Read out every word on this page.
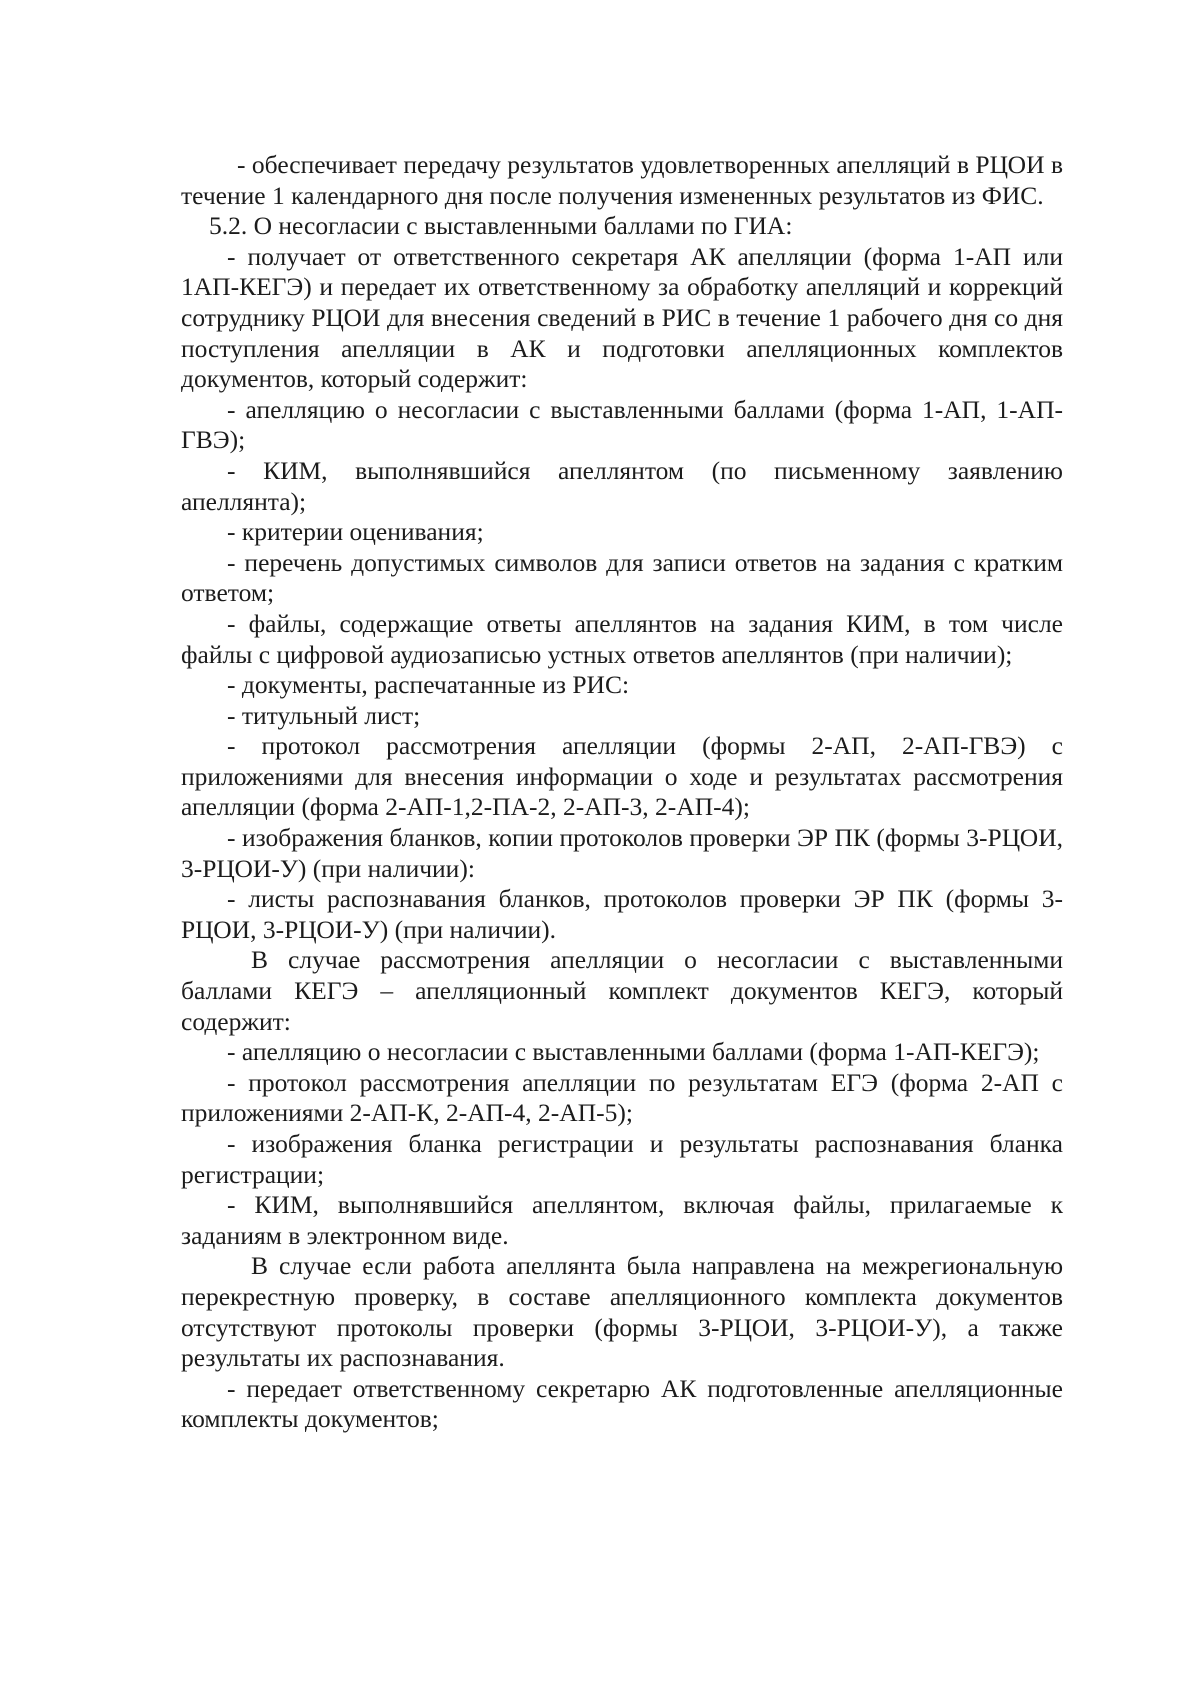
- обеспечивает передачу результатов удовлетворенных апелляций в РЦОИ в течение 1 календарного дня после получения измененных результатов из ФИС.

5.2. О несогласии с выставленными баллами по ГИА:

- получает от ответственного секретаря АК апелляции (форма 1-АП или 1АП-КЕГЭ) и передает их ответственному за обработку апелляций и коррекций сотруднику РЦОИ для внесения сведений в РИС в течение 1 рабочего дня со дня поступления апелляции в АК и подготовки апелляционных комплектов документов, который содержит:

- апелляцию о несогласии с выставленными баллами (форма 1-АП, 1-АП-ГВЭ);

- КИМ, выполнявшийся апеллянтом (по письменному заявлению апеллянта);

- критерии оценивания;

- перечень допустимых символов для записи ответов на задания с кратким ответом;

- файлы, содержащие ответы апеллянтов на задания КИМ, в том числе файлы с цифровой аудиозаписью устных ответов апеллянтов (при наличии);

- документы, распечатанные из РИС:

- титульный лист;

- протокол рассмотрения апелляции (формы 2-АП, 2-АП-ГВЭ) с приложениями для внесения информации о ходе и результатах рассмотрения апелляции (форма 2-АП-1,2-ПА-2, 2-АП-3, 2-АП-4);

- изображения бланков, копии протоколов проверки ЭР ПК (формы 3-РЦОИ, 3-РЦОИ-У) (при наличии):

- листы распознавания бланков, протоколов проверки ЭР ПК (формы 3-РЦОИ, 3-РЦОИ-У) (при наличии).

В случае рассмотрения апелляции о несогласии с выставленными баллами КЕГЭ – апелляционный комплект документов КЕГЭ, который содержит:

- апелляцию о несогласии с выставленными баллами (форма 1-АП-КЕГЭ);

- протокол рассмотрения апелляции по результатам ЕГЭ (форма 2-АП с приложениями 2-АП-К, 2-АП-4, 2-АП-5);

- изображения бланка регистрации и результаты распознавания бланка регистрации;

- КИМ, выполнявшийся апеллянтом, включая файлы, прилагаемые к заданиям в электронном виде.

В случае если работа апеллянта была направлена на межрегиональную перекрестную проверку, в составе апелляционного комплекта документов отсутствуют протоколы проверки (формы 3-РЦОИ, 3-РЦОИ-У), а также результаты их распознавания.

- передает ответственному секретарю АК подготовленные апелляционные комплекты документов;
